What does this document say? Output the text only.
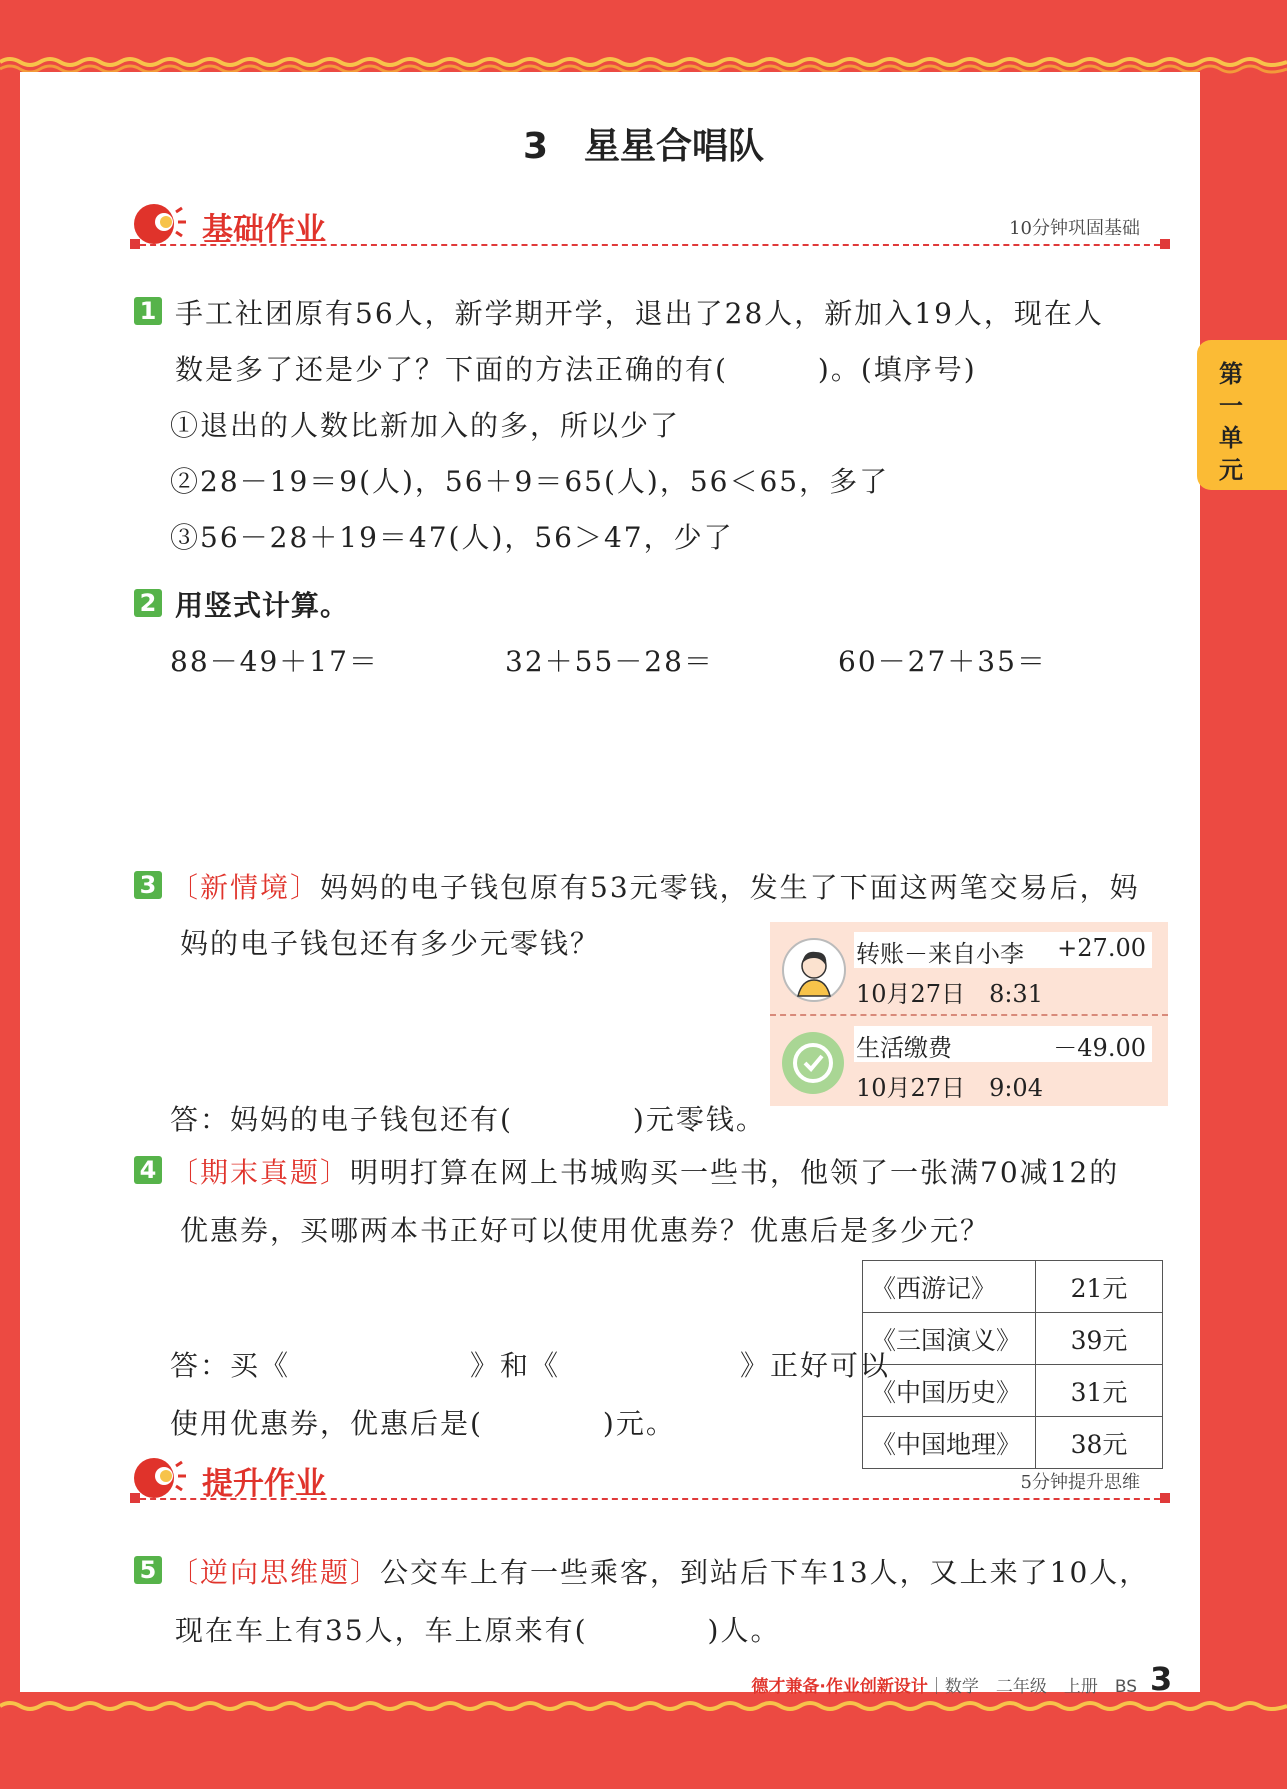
第一单元
3　星星合唱队
基础作业	10分钟巩固基础
1 手工社团原有56人，新学期开学，退出了28人，新加入19人，现在人
数是多了还是少了？下面的方法正确的有(　　　)。(填序号)
①退出的人数比新加入的多，所以少了
②28－19＝9(人)，56＋9＝65(人)，56＜65，多了
③56－28＋19＝47(人)，56＞47，少了
2 用竖式计算。
88－49＋17＝	32＋55－28＝	60－27＋35＝
3 〔新情境〕妈妈的电子钱包原有53元零钱，发生了下面这两笔交易后，妈
妈的电子钱包还有多少元零钱？	转账－来自小李 +27.00
10月27日　8:31
生活缴费	－49.00
10月27日　9:04
答：妈妈的电子钱包还有(　　　　)元零钱。
4 〔期末真题〕明明打算在网上书城购买一些书，他领了一张满70减12的
优惠券，买哪两本书正好可以使用优惠券？优惠后是多少元？
《西游记》	21元
《三国演义》	39元
《中国历史》	31元
《中国地理》	38元
答：买《　　　　　　》和《　　　　　　》正好可以
使用优惠券，优惠后是(　　　　)元。
提升作业	5分钟提升思维
5 〔逆向思维题〕公交车上有一些乘客，到站后下车13人，又上来了10人，
现在车上有35人，车上原来有(　　　　)人。
德才兼备·作业创新设计｜数学　二年级　上册　BS 3
